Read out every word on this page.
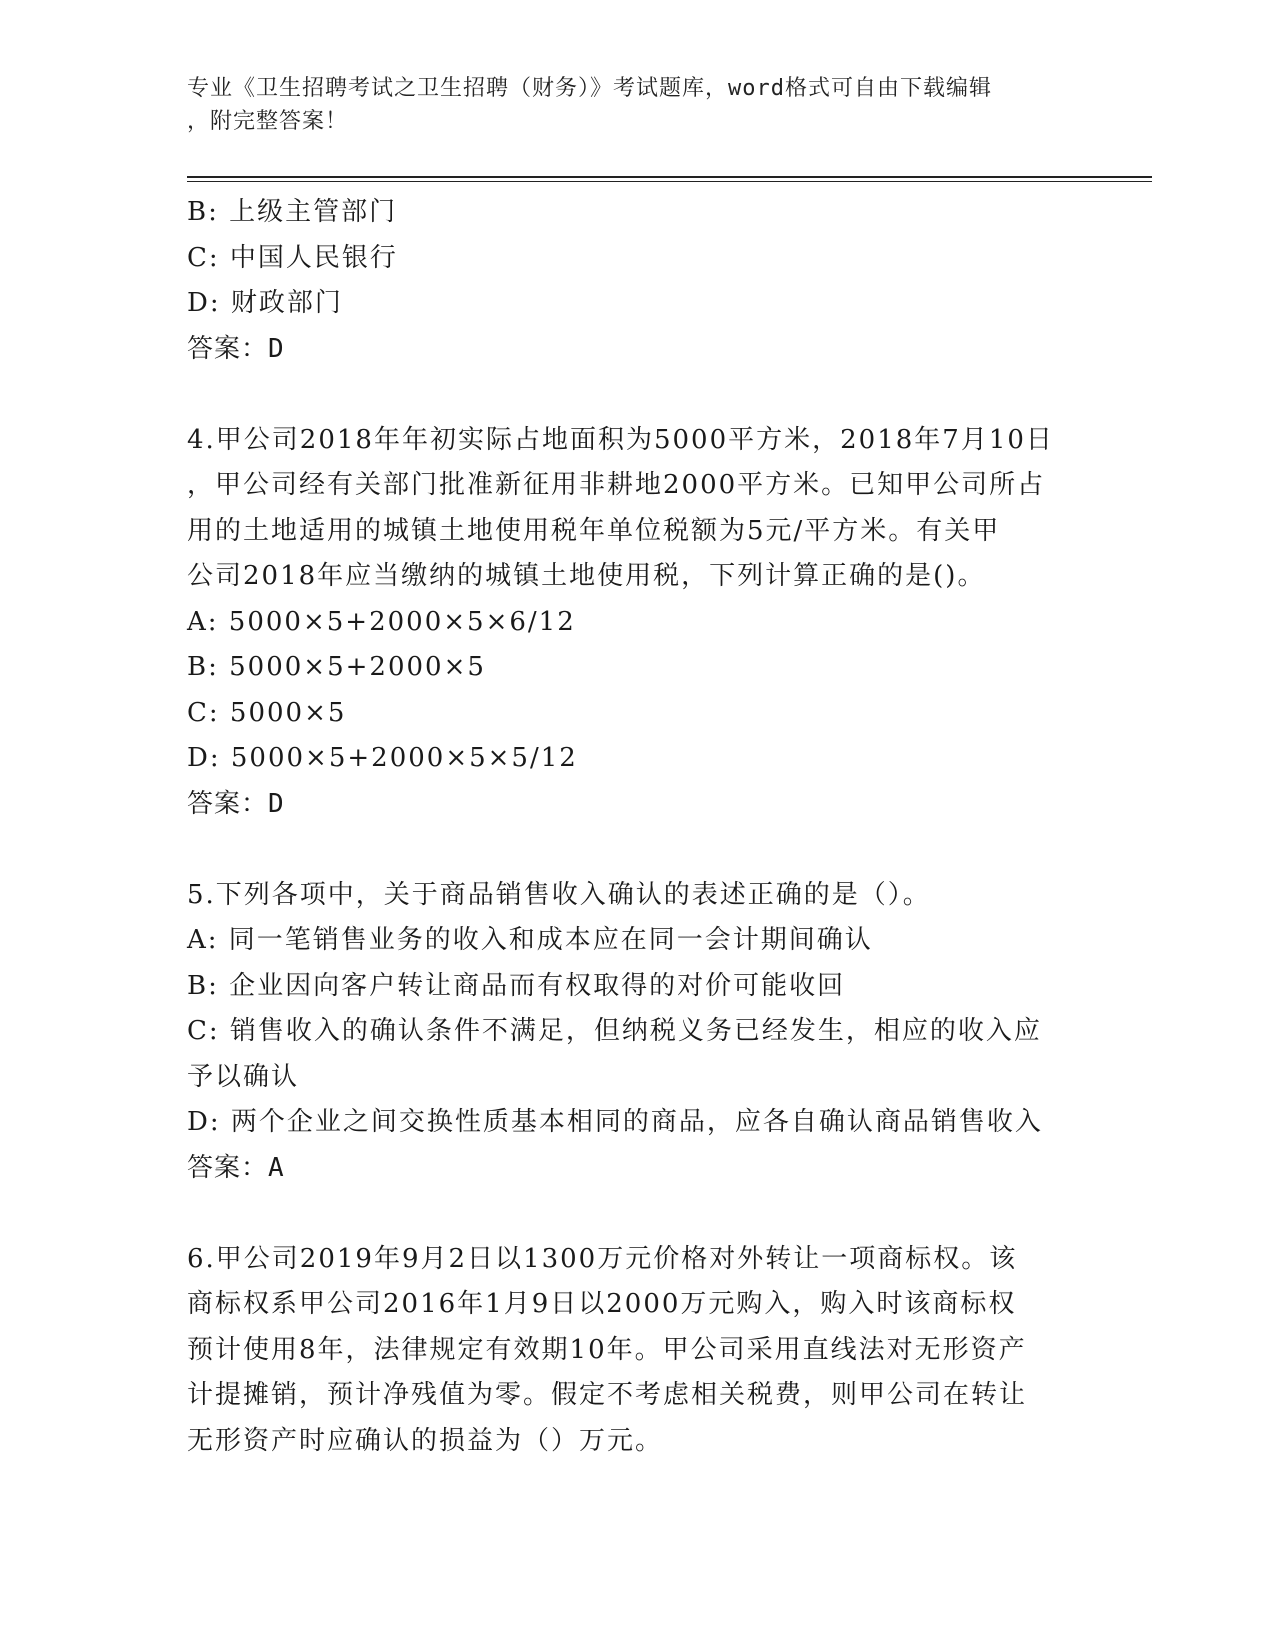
专业《卫生招聘考试之卫生招聘（财务）》考试题库，word格式可自由下载编辑
，附完整答案！
B: 上级主管部门
C: 中国人民银行
D: 财政部门
答案：D
4.甲公司2018年年初实际占地面积为5000平方米，2018年7月10日
，甲公司经有关部门批准新征用非耕地2000平方米。已知甲公司所占
用的土地适用的城镇土地使用税年单位税额为5元/平方米。有关甲
公司2018年应当缴纳的城镇土地使用税，下列计算正确的是()。
A: 5000×5+2000×5×6/12
B: 5000×5+2000×5
C: 5000×5
D: 5000×5+2000×5×5/12
答案：D
5.下列各项中，关于商品销售收入确认的表述正确的是（）。
A: 同一笔销售业务的收入和成本应在同一会计期间确认
B: 企业因向客户转让商品而有权取得的对价可能收回
C: 销售收入的确认条件不满足，但纳税义务已经发生，相应的收入应
予以确认
D: 两个企业之间交换性质基本相同的商品，应各自确认商品销售收入
答案：A
6.甲公司2019年9月2日以1300万元价格对外转让一项商标权。该
商标权系甲公司2016年1月9日以2000万元购入，购入时该商标权
预计使用8年，法律规定有效期10年。甲公司采用直线法对无形资产
计提摊销，预计净残值为零。假定不考虑相关税费，则甲公司在转让
无形资产时应确认的损益为（）万元。
